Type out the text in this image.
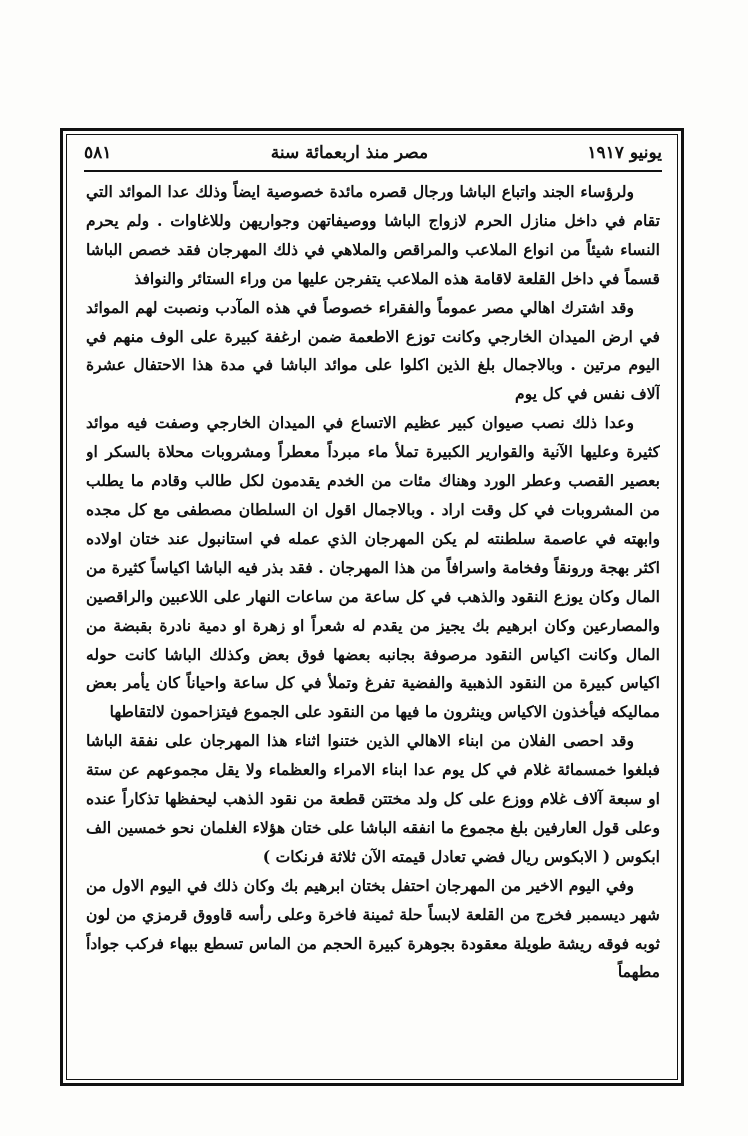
يونيو ١٩١٧
مصر منذ اربعمائة سنة
٥٨١

ولرؤساء الجند واتباع الباشا ورجال قصره مائدة خصوصية ايضاً وذلك عدا الموائد التي تقام في داخل منازل الحرم لازواج الباشا ووصيفاتهن وجواريهن وللاغاوات . ولم يحرم النساء شيئاً من انواع الملاعب والمراقص والملاهي في ذلك المهرجان فقد خصص الباشا قسماً في داخل القلعة لاقامة هذه الملاعب يتفرجن عليها من وراء الستائر والنوافذ

وقد اشترك اهالي مصر عموماً والفقراء خصوصاً في هذه المآدب ونصبت لهم الموائد في ارض الميدان الخارجي وكانت توزع الاطعمة ضمن ارغفة كبيرة على الوف منهم في اليوم مرتين . وبالاجمال بلغ الذين اكلوا على موائد الباشا في مدة هذا الاحتفال عشرة آلاف نفس في كل يوم

وعدا ذلك نصب صيوان كبير عظيم الاتساع في الميدان الخارجي وصفت فيه موائد كثيرة وعليها الآنية والقوارير الكبيرة تملأ ماء مبرداً معطراً ومشروبات محلاة بالسكر او بعصير القصب وعطر الورد وهناك مئات من الخدم يقدمون لكل طالب وقادم ما يطلب من المشروبات في كل وقت اراد . وبالاجمال اقول ان السلطان مصطفى مع كل مجده وابهته في عاصمة سلطنته لم يكن المهرجان الذي عمله في استانبول عند ختان اولاده اكثر بهجة ورونقاً وفخامة واسرافاً من هذا المهرجان . فقد بذر فيه الباشا اكياساً كثيرة من المال وكان يوزع النقود والذهب في كل ساعة من ساعات النهار على اللاعبين والراقصين والمصارعين وكان ابرهيم بك يجيز من يقدم له شعراً او زهرة او دمية نادرة بقبضة من المال وكانت اكياس النقود مرصوفة بجانبه بعضها فوق بعض وكذلك الباشا كانت حوله اكياس كبيرة من النقود الذهبية والفضية تفرغ وتملأ في كل ساعة واحياناً كان يأمر بعض مماليكه فيأخذون الاكياس وينثرون ما فيها من النقود على الجموع فيتزاحمون لالتقاطها

وقد احصى الفلان من ابناء الاهالي الذين ختنوا اثناء هذا المهرجان على نفقة الباشا فبلغوا خمسمائة غلام في كل يوم عدا ابناء الامراء والعظماء ولا يقل مجموعهم عن ستة او سبعة آلاف غلام ووزع على كل ولد مختتن قطعة من نقود الذهب ليحفظها تذكاراً عنده وعلى قول العارفين بلغ مجموع ما انفقه الباشا على ختان هؤلاء الغلمان نحو خمسين الف ابكوس ( الابكوس ريال فضي تعادل قيمته الآن ثلاثة فرنكات )

وفي اليوم الاخير من المهرجان احتفل بختان ابرهيم بك وكان ذلك في اليوم الاول من شهر ديسمبر فخرج من القلعة لابساً حلة ثمينة فاخرة وعلى رأسه قاووق قرمزي من لون ثوبه فوقه ريشة طويلة معقودة بجوهرة كبيرة الحجم من الماس تسطع ببهاء فركب جواداً مطهماً
